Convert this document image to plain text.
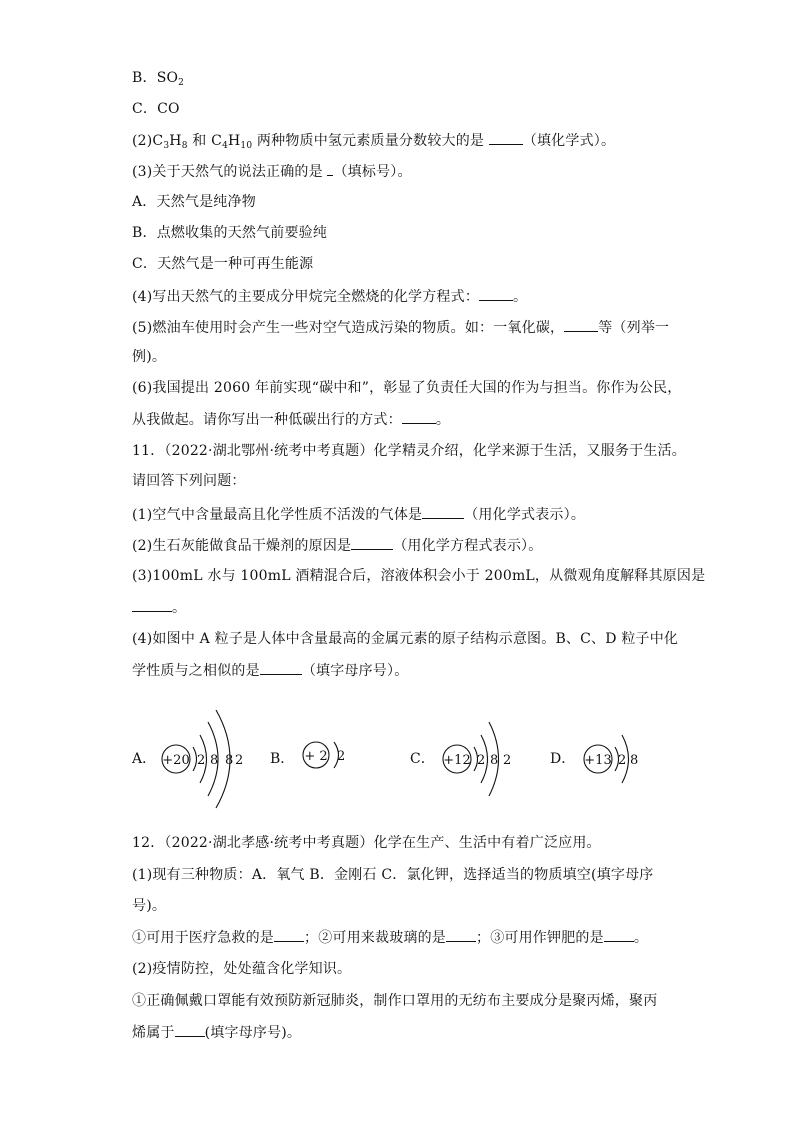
B．$SO_2$
C．CO
$(2)C_3H_8$ 和 $C_4H_{10}$ 两种物质中氢元素质量分数较大的是 （填化学式）。
(3)关于天然气的说法正确的是 （填标号）。
A．天然气是纯净物
B．点燃收集的天然气前要验纯
C．天然气是一种可再生能源
(4)写出天然气的主要成分甲烷完全燃烧的化学方程式： 。
(5)燃油车使用时会产生一些对空气造成污染的物质。如：一氧化碳， 等（列举一
例)。
(6)我国提出 2060 年前实现“碳中和”，彰显了负责任大国的作为与担当。你作为公民，
从我做起。请你写出一种低碳出行的方式： 。
11．（2022·湖北鄂州·统考中考真题）化学精灵介绍，化学来源于生活，又服务于生活。
请回答下列问题：
(1)空气中含量最高且化学性质不活泼的气体是	（用化学式表示）。
(2)生石灰能做食品干燥剂的原因是	（用化学方程式表示）。
(3)100mL 水与 100mL 酒精混合后，溶液体积会小于 200mL，从微观角度解释其原因是
。
(4)如图中 A 粒子是人体中含量最高的金属元素的原子结构示意图。B、C、D 粒子中化
学性质与之相似的是	（填字母序号）。
12．（2022·湖北孝感·统考中考真题）化学在生产、生活中有着广泛应用。
(1)现有三种物质：A．氧气 B．金刚石 C．氯化钾，选择适当的物质填空(填字母序
号)。
①可用于医疗急救的是 ；②可用来裁玻璃的是 ；③可用作钾肥的是 。
(2)疫情防控，处处蕴含化学知识。
①正确佩戴口罩能有效预防新冠肺炎，制作口罩用的无纺布主要成分是聚丙烯，聚丙
烯属于 (填字母序号)。
A． +20 2 8 8 2 B． + 2 2	C． +12 2 8 2	D． +13 2 8
